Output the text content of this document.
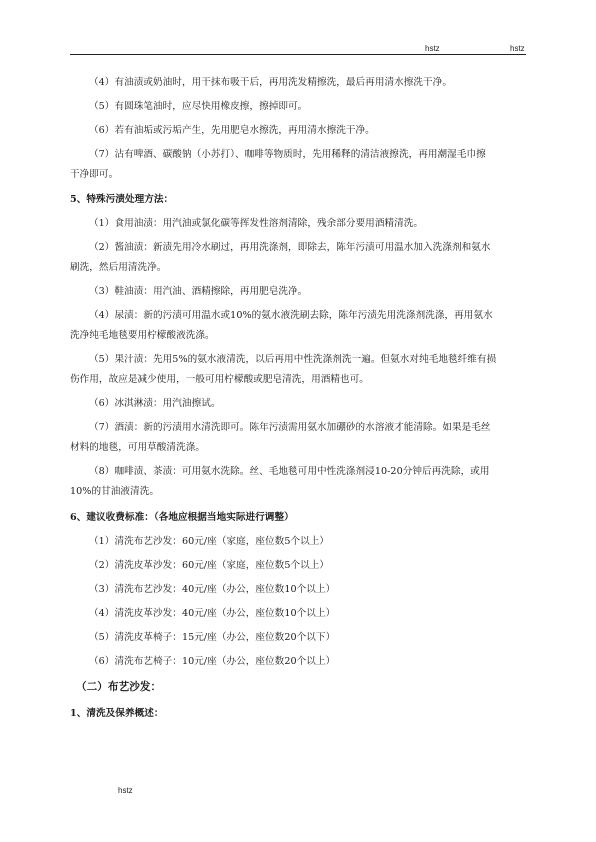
hstz	hstz
（4）有油渍或奶油时，用干抹布吸干后，再用洗发精擦洗，最后再用清水擦洗干净。
（5）有圆珠笔油时，应尽快用橡皮擦，擦掉即可。
（6）若有油垢或污垢产生，先用肥皂水擦洗，再用清水擦洗干净。
（7）沾有啤酒、碳酸钠（小苏打）、咖啡等物质时，先用稀释的清洁液擦洗，再用潮湿毛巾擦
干净即可。
5、特殊污渍处理方法：
（1）食用油渍：用汽油或氯化碳等挥发性溶剂清除，残余部分要用酒精清洗。
（2）酱油渍：新渍先用冷水刷过，再用洗涤剂，即除去，陈年污渍可用温水加入洗涤剂和氨水
刷洗，然后用清洗净。
（3）鞋油渍：用汽油、酒精擦除，再用肥皂洗净。
（4）尿渍：新的污渍可用温水或10%的氨水液洗刷去除，陈年污渍先用洗涤剂洗涤，再用氨水
洗净纯毛地毯要用柠檬酸液洗涤。
（5）果汁渍：先用5%的氨水液清洗，以后再用中性洗涤剂洗一遍。但氨水对纯毛地毯纤维有损
伤作用，故应是减少使用，一般可用柠檬酸或肥皂清洗，用酒精也可。
（6）冰淇淋渍：用汽油擦试。
（7）酒渍：新的污渍用水清洗即可。陈年污渍需用氨水加硼砂的水溶液才能清除。如果是毛丝
材料的地毯，可用草酸清洗涤。
（8）咖啡渍、茶渍：可用氨水洗除。丝、毛地毯可用中性洗涤剂浸10-20分钟后再洗除，或用
10%的甘油液清洗。
6、建议收费标准：（各地应根据当地实际进行调整）
（1）清洗布艺沙发：60元/座（家庭，座位数5个以上）
（2）清洗皮革沙发：60元/座（家庭，座位数5个以上）
（3）清洗布艺沙发：40元/座（办公，座位数10个以上）
（4）清洗皮革沙发：40元/座（办公，座位数10个以上）
（5）清洗皮革椅子：15元/座（办公，座位数20个以下）
（6）清洗布艺椅子：10元/座（办公，座位数20个以上）
（二）布艺沙发：
1、清洗及保养概述：
hstz
